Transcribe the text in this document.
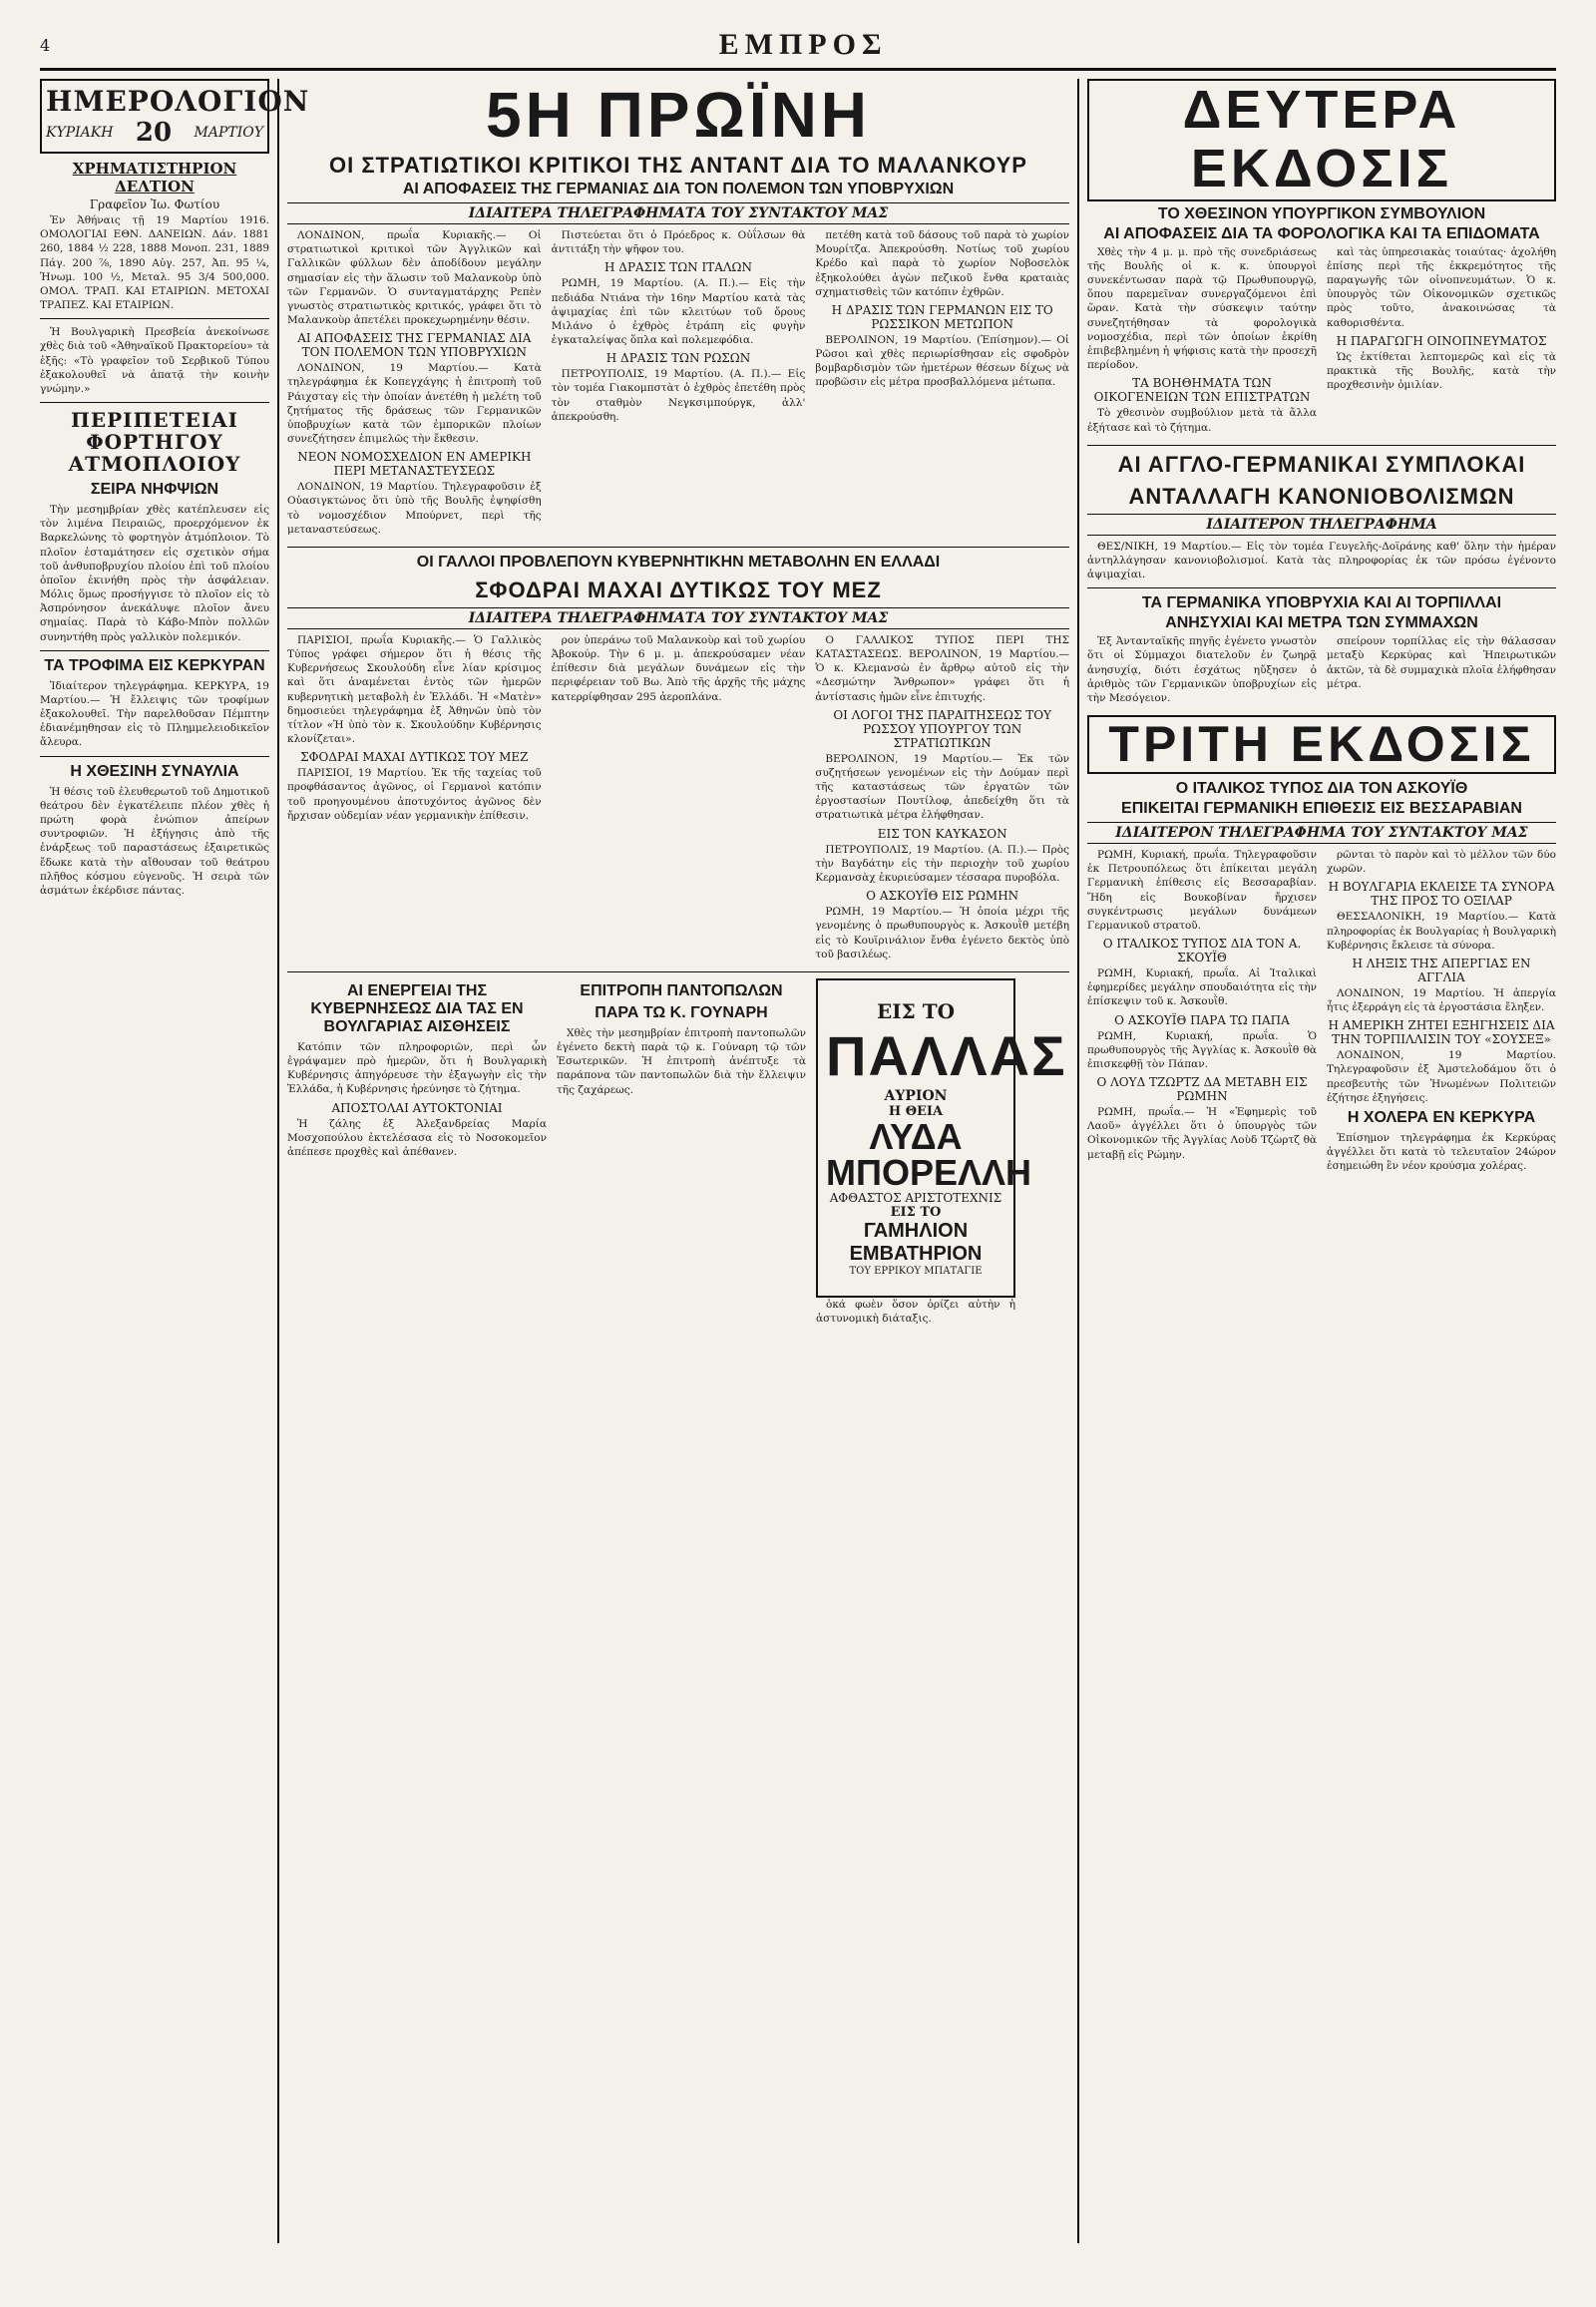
4	ΕΜΠΡΟΣ
ΗΜΕΡΟΛΟΓΙΟΝ
ΚΥΡΙΑΚΗ 20 ΜΑΡΤΙΟΥ
ΧΡΗΜΑΤΙΣΤΗΡΙΟΝ ΔΕΛΤΙΟΝ
Γραφεῖον Ἰω. Φωτίου

Ἐν Ἀθήναις τῇ 19 Μαρτίου 1916. ΟΜΟΛΟΓΙΑΙ ΕΘΝ. ΔΑΝΕΙΩΝ. Δάν. 1881 260, 1884 ½ 228, 1888 Μονοπ. 231, 1889 Πάγ. 200 ⅞, 1890 Αὐγ. 257, Ἀπ. 95 ¼, Ἠνωμ. 100 ½, Μεταλ. 95 3/4 500,000. ΟΜΟΛ. ΤΡΑΠ. ΚΑΙ ΕΤΑΙΡΙΩΝ. ΜΕΤΟΧΑΙ ΤΡΑΠΕΖ. ΚΑΙ ΕΤΑΙΡΙΩΝ.

Ἡ Βουλγαρικὴ Πρεσβεία ἀνεκοίνωσε χθὲς διὰ τοῦ «Ἀθηναϊκοῦ Πρακτορείου» τὰ ἑξῆς: «Τὸ γραφεῖον τοῦ Σερβικοῦ Τύπου ἐξακολουθεῖ νὰ ἀπατᾷ τὴν κοινὴν γνώμην.»

ΠΕΡΙΠΕΤΕΙΑΙ ΦΟΡΤΗΓΟΥ ΑΤΜΟΠΛΟΙΟΥ
ΣΕΙΡΑ ΝΗΦΨΙΩΝ

Τὴν μεσημβρίαν χθὲς κατέπλευσεν εἰς τὸν λιμένα Πειραιῶς, προερχόμενον ἐκ Βαρκελώνης τὸ φορτηγὸν ἀτμόπλοιον. Τὸ πλοῖον ἐσταμάτησεν εἰς σχετικὸν σήμα τοῦ ἀνθυποβρυχίου πλοίου ἐπὶ τοῦ πλοίου ὁποῖον ἐκινήθη πρὸς τὴν ἀσφάλειαν. Μόλις ὅμως προσήγγισε τὸ πλοῖον εἰς τὸ Ἀσπρόνησον ἀνεκάλυψε πλοῖον ἄνευ σημαίας. Παρὰ τὸ Κάβο-Μπὸν πολλῶν συνηντήθη πρὸς γαλλικὸν πολεμικόν.

ΤΑ ΤΡΟΦΙΜΑ ΕΙΣ ΚΕΡΚΥΡΑΝ

Ἰδιαίτερον τηλεγράφημα. ΚΕΡΚΥΡΑ, 19 Μαρτίου.— Ἡ ἔλλειψις τῶν τροφίμων ἐξακολουθεῖ. Τὴν παρελθοῦσαν Πέμπτην ἐδιανέμηθησαν εἰς τὸ Πλημμελειοδικεῖον ἄλευρα.

Η ΧΘΕΣΙΝΗ ΣΥΝΑΥΛΙΑ

Ἡ θέσις τοῦ ἐλευθερωτοῦ τοῦ Δημοτικοῦ θεάτρου δὲν ἐγκατέλειπε πλέον χθὲς ἡ πρώτη φορὰ ἐνώπιον ἀπείρων συντροφιῶν. Ἡ ἐξήγησις ἀπὸ τῆς ἐνάρξεως τοῦ παραστάσεως ἐξαιρετικῶς ἔδωκε κατὰ τὴν αἴθουσαν τοῦ θεάτρου πλῆθος κόσμου εὐγενοῦς. Ἡ σειρὰ τῶν ἀσμάτων ἐκέρδισε πάντας.

5Η ΠΡΩΪΝΗ
ΟΙ ΣΤΡΑΤΙΩΤΙΚΟΙ ΚΡΙΤΙΚΟΙ ΤΗΣ ΑΝΤΑΝΤ ΔΙΑ ΤΟ ΜΑΛΑΝΚΟΥΡ
ΑΙ ΑΠΟΦΑΣΕΙΣ ΤΗΣ ΓΕΡΜΑΝΙΑΣ ΔΙΑ ΤΟΝ ΠΟΛΕΜΟΝ ΤΩΝ ΥΠΟΒΡΥΧΙΩΝ
ΙΔΙΑΙΤΕΡΑ ΤΗΛΕΓΡΑΦΗΜΑΤΑ ΤΟΥ ΣΥΝΤΑΚΤΟΥ ΜΑΣ

ΛΟΝΔΙΝΟΝ, πρωΐα Κυριακῆς.— Οἱ στρατιωτικοὶ κριτικοὶ τῶν Ἀγγλικῶν καὶ Γαλλικῶν φύλλων δὲν ἀποδίδουν μεγάλην σημασίαν εἰς τὴν ἅλωσιν τοῦ Μαλανκοὺρ ὑπὸ τῶν Γερμανῶν. Ὁ συνταγματάρχης Ρεπὲν γνωστὸς στρατιωτικὸς κριτικός, γράφει ὅτι τὸ Μαλανκοὺρ ἀπετέλει προκεχωρημένην θέσιν.

ΑΙ ΑΠΟΦΑΣΕΙΣ ΤΗΣ ΓΕΡΜΑΝΙΑΣ ΔΙΑ ΤΟΝ ΠΟΛΕΜΟΝ ΤΩΝ ΥΠΟΒΡΥΧΙΩΝ

ΛΟΝΔΙΝΟΝ, 19 Μαρτίου.— Κατὰ τηλεγράφημα ἐκ Κοπεγχάγης ἡ ἐπιτροπὴ τοῦ Ράιχσταγ εἰς τὴν ὁποίαν ἀνετέθη ἡ μελέτη τοῦ ζητήματος τῆς δράσεως τῶν Γερμανικῶν ὑποβρυχίων κατὰ τῶν ἐμπορικῶν πλοίων συνεζήτησεν ἐπιμελῶς τὴν ἔκθεσιν.

ΝΕΟΝ ΝΟΜΟΣΧΕΔΙΟΝ ΕΝ ΑΜΕΡΙΚΗ ΠΕΡΙ ΜΕΤΑΝΑΣΤΕΥΣΕΩΣ

ΛΟΝΔΙΝΟΝ, 19 Μαρτίου. Τηλεγραφοῦσιν ἐξ Οὐασιγκτώνος ὅτι ὑπὸ τῆς Βουλῆς ἐψηφίσθη τὸ νομοσχέδιον Μπούρνετ, περὶ τῆς μεταναστεύσεως.

Πιστεύεται ὅτι ὁ Πρόεδρος κ. Οὐΐλσων θὰ ἀντιτάξη τὴν ψῆφον του.

Η ΔΡΑΣΙΣ ΤΩΝ ΙΤΑΛΩΝ

ΡΩΜΗ, 19 Μαρτίου. (Α. Π.).— Εἰς τὴν πεδιάδα Ντιάνα τὴν 16ην Μαρτίου κατὰ τὰς ἀψιμαχίας ἐπὶ τῶν κλειτύων τοῦ ὄρους Μιλάνο ὁ ἐχθρὸς ἐτράπη εἰς φυγὴν ἐγκαταλείψας ὅπλα καὶ πολεμεφόδια.

Η ΔΡΑΣΙΣ ΤΩΝ ΡΩΣΩΝ

ΠΕΤΡΟΥΠΟΛΙΣ, 19 Μαρτίου. (Α. Π.).— Εἰς τὸν τομέα Γιακομπστὰτ ὁ ἐχθρὸς ἐπετέθη πρὸς τὸν σταθμὸν Νεγκσιμπούργκ, ἀλλ' ἀπεκρούσθη.

πετέθη κατὰ τοῦ δάσους τοῦ παρὰ τὸ χωρίον Μουρίτζα. Ἀπεκρούσθη. Νοτίως τοῦ χωρίου Κρέδο καὶ παρὰ τὸ χωρίον Νοβοσελὸκ ἐξηκολούθει ἀγὼν πεζικοῦ ἔνθα κραταιὰς σχηματισθεὶς τῶν κατόπιν ἐχθρῶν.

Η ΔΡΑΣΙΣ ΤΩΝ ΓΕΡΜΑΝΩΝ ΕΙΣ ΤΟ ΡΩΣΣΙΚΟΝ ΜΕΤΩΠΟΝ

ΒΕΡΟΛΙΝΟΝ, 19 Μαρτίου. (Ἐπίσημον).— Οἱ Ρῶσοι καὶ χθὲς περιωρίσθησαν εἰς σφοδρὸν βομβαρδισμὸν τῶν ἡμετέρων θέσεων δίχως νὰ προβῶσιν εἰς μέτρα προσβαλλόμενα μέτωπα.

ΟΙ ΓΑΛΛΟΙ ΠΡΟΒΛΕΠΟΥΝ ΚΥΒΕΡΝΗΤΙΚΗΝ ΜΕΤΑΒΟΛΗΝ ΕΝ ΕΛΛΑΔΙ
ΣΦΟΔΡΑΙ ΜΑΧΑΙ ΔΥΤΙΚΩΣ ΤΟΥ ΜΕΖ
ΙΔΙΑΙΤΕΡΑ ΤΗΛΕΓΡΑΦΗΜΑΤΑ ΤΟΥ ΣΥΝΤΑΚΤΟΥ ΜΑΣ

ΠΑΡΙΣΙΟΙ, πρωΐα Κυριακῆς.— Ὁ Γαλλικὸς Τύπος γράφει σήμερον ὅτι ἡ θέσις τῆς Κυβερνήσεως Σκουλούδη εἶνε λίαν κρίσιμος καὶ ὅτι ἀναμένεται ἐντὸς τῶν ἡμερῶν κυβερνητικὴ μεταβολὴ ἐν Ἑλλάδι. Ἡ «Ματὲν» δημοσιεύει τηλεγράφημα ἐξ Ἀθηνῶν ὑπὸ τὸν τίτλον «Ἡ ὑπὸ τὸν κ. Σκουλούδην Κυβέρνησις κλονίζεται».

ΣΦΟΔΡΑΙ ΜΑΧΑΙ ΔΥΤΙΚΩΣ ΤΟΥ ΜΕΖ

ΠΑΡΙΣΙΟΙ, 19 Μαρτίου. Ἐκ τῆς ταχείας τοῦ προφθάσαντος ἀγῶνος, οἱ Γερμανοὶ κατόπιν τοῦ προηγουμένου ἀποτυχόντος ἀγῶνος δὲν ἤρχισαν οὐδεμίαν νέαν γερμανικὴν ἐπίθεσιν.

ρον ὑπεράνω τοῦ Μαλανκοὺρ καὶ τοῦ χωρίου Ἀβοκούρ. Τὴν 6 μ. μ. ἀπεκρούσαμεν νέαν ἐπίθεσιν διὰ μεγάλων δυνάμεων εἰς τὴν περιφέρειαν τοῦ Βω. Ἀπὸ τῆς ἀρχῆς τῆς μάχης κατερρίφθησαν 295 ἀεροπλάνα.

Ο ΓΑΛΛΙΚΟΣ ΤΥΠΟΣ ΠΕΡΙ ΤΗΣ ΚΑΤΑΣΤΑΣΕΩΣ. ΒΕΡΟΛΙΝΟΝ, 19 Μαρτίου.— Ὁ κ. Κλεμανσὼ ἐν ἄρθρῳ αὐτοῦ εἰς τὴν «Δεσμώτην Ἄνθρωπον» γράφει ὅτι ἡ ἀντίστασις ἡμῶν εἶνε ἐπιτυχής.

ΟΙ ΛΟΓΟΙ ΤΗΣ ΠΑΡΑΙΤΗΣΕΩΣ ΤΟΥ ΡΩΣΣΟΥ ΥΠΟΥΡΓΟΥ ΤΩΝ ΣΤΡΑΤΙΩΤΙΚΩΝ

ΒΕΡΟΛΙΝΟΝ, 19 Μαρτίου.— Ἐκ τῶν συζητήσεων γενομένων εἰς τὴν Δούμαν περὶ τῆς καταστάσεως τῶν ἐργατῶν τῶν ἐργοστασίων Πουτίλοφ, ἀπεδείχθη ὅτι τὰ στρατιωτικὰ μέτρα ἐλήφθησαν.

ΕΙΣ ΤΟΝ ΚΑΥΚΑΣΟΝ

ΠΕΤΡΟΥΠΟΛΙΣ, 19 Μαρτίου. (Α. Π.).— Πρὸς τὴν Βαγδάτην εἰς τὴν περιοχὴν τοῦ χωρίου Κερμανσὰχ ἐκυριεύσαμεν τέσσαρα πυροβόλα.

Ο ΑΣΚΟΥΪΘ ΕΙΣ ΡΩΜΗΝ

ΡΩΜΗ, 19 Μαρτίου.— Ἡ ὁποία μέχρι τῆς γενομένης ὁ πρωθυπουργὸς κ. Ἀσκουῒθ μετέβη εἰς τὸ Κουϊρινάλιον ἔνθα ἐγένετο δεκτὸς ὑπὸ τοῦ βασιλέως.

ΑΙ ΕΝΕΡΓΕΙΑΙ ΤΗΣ ΚΥΒΕΡΝΗΣΕΩΣ ΔΙΑ ΤΑΣ ΕΝ ΒΟΥΛΓΑΡΙΑΣ ΑΙΣΘΗΣΕΙΣ

Κατόπιν τῶν πληροφοριῶν, περὶ ὧν ἐγράψαμεν πρὸ ἡμερῶν, ὅτι ἡ Βουλγαρικὴ Κυβέρνησις ἀπηγόρευσε τὴν ἐξαγωγὴν εἰς τὴν Ἑλλάδα, ἡ Κυβέρνησις ἠρεύνησε τὸ ζήτημα.

ΑΠΟΣΤΟΛΑΙ ΑΥΤΟΚΤΟΝΙΑΙ

Ἡ ζάλης ἐξ Ἀλεξανδρείας Μαρία Μοσχοπούλου ἐκτελέσασα εἰς τὸ Νοσοκομεῖον ἀπέπεσε προχθὲς καὶ ἀπέθανεν.

ΕΠΙΤΡΟΠΗ ΠΑΝΤΟΠΩΛΩΝ
ΠΑΡΑ ΤΩ Κ. ΓΟΥΝΑΡΗ

Χθὲς τὴν μεσημβρίαν ἐπιτροπὴ παντοπωλῶν ἐγένετο δεκτὴ παρὰ τῷ κ. Γούναρη τῷ τῶν Ἐσωτερικῶν. Ἡ ἐπιτροπὴ ἀνέπτυξε τὰ παράπονα τῶν παντοπωλῶν διὰ τὴν ἔλλειψιν τῆς ζαχάρεως.

ΕΙΣ ΤΟ
ΠΑΛΛΑΣ
ΑΥΡΙΟΝ
Η ΘΕΙΑ
ΛΥΔΑ ΜΠΟΡΕΛΛΗ
ΑΦΘΑΣΤΟΣ ΑΡΙΣΤΟΤΕΧΝΙΣ
ΕΙΣ ΤΟ
ΓΑΜΗΛΙΟΝ ΕΜΒΑΤΗΡΙΟΝ
ΤΟΥ ΕΡΡΙΚΟΥ ΜΠΑΤΑΓΙΕ

ὁκά φωὲν ὅσον ὁρίζει αὐτὴν ἡ ἀστυνομικὴ διάταξις.

ΔΕΥΤΕΡΑ ΕΚΔΟΣΙΣ
ΤΟ ΧΘΕΣΙΝΟΝ ΥΠΟΥΡΓΙΚΟΝ ΣΥΜΒΟΥΛΙΟΝ
ΑΙ ΑΠΟΦΑΣΕΙΣ ΔΙΑ ΤΑ ΦΟΡΟΛΟΓΙΚΑ ΚΑΙ ΤΑ ΕΠΙΔΟΜΑΤΑ

Χθὲς τὴν 4 μ. μ. πρὸ τῆς συνεδριάσεως τῆς Βουλῆς οἱ κ. κ. ὑπουργοὶ συνεκέντωσαν παρὰ τῷ Πρωθυπουργῷ, ὅπου παρεμεῖναν συνεργαζόμενοι ἐπὶ ὥραν. Κατὰ τὴν σύσκεψιν ταύτην συνεζητήθησαν τὰ φορολογικὰ νομοσχέδια, περὶ τῶν ὁποίων ἐκρίθη ἐπιβεβλημένη ἡ ψήφισις κατὰ τὴν προσεχῆ περίοδον.

ΤΑ ΒΟΗΘΗΜΑΤΑ ΤΩΝ ΟΙΚΟΓΕΝΕΙΩΝ ΤΩΝ ΕΠΙΣΤΡΑΤΩΝ

Τὸ χθεσινὸν συμβούλιον μετὰ τὰ ἄλλα ἐξήτασε καὶ τὸ ζήτημα.

καὶ τὰς ὑπηρεσιακὰς τοιαύτας· ἀχολήθη ἐπίσης περὶ τῆς ἐκκρεμότητος τῆς παραγωγῆς τῶν οἰνοπνευμάτων. Ὁ κ. ὑπουργὸς τῶν Οἰκονομικῶν σχετικῶς πρὸς τοῦτο, ἀνακοινώσας τὰ καθορισθέντα.

Η ΠΑΡΑΓΩΓΗ ΟΙΝΟΠΝΕΥΜΑΤΟΣ

Ὡς ἐκτίθεται λεπτομερῶς καὶ εἰς τὰ πρακτικὰ τῆς Βουλῆς, κατὰ τὴν προχθεσινὴν ὁμιλίαν.

ΑΙ ΑΓΓΛΟ-ΓΕΡΜΑΝΙΚΑΙ ΣΥΜΠΛΟΚΑΙ
ΑΝΤΑΛΛΑΓΗ ΚΑΝΟΝΙΟΒΟΛΙΣΜΩΝ
ΙΔΙΑΙΤΕΡΟΝ ΤΗΛΕΓΡΑΦΗΜΑ

ΘΕΣ/ΝΙΚΗ, 19 Μαρτίου.— Εἰς τὸν τομέα Γευγελῆς-Δοϊράνης καθ' ὅλην τὴν ἡμέραν ἀντηλλάγησαν κανονιοβολισμοί. Κατὰ τὰς πληροφορίας ἐκ τῶν πρόσω ἐγένοντο ἀψιμαχίαι.

ΤΑ ΓΕΡΜΑΝΙΚΑ ΥΠΟΒΡΥΧΙΑ ΚΑΙ ΑΙ ΤΟΡΠΙΛΛΑΙ
ΑΝΗΣΥΧΙΑΙ ΚΑΙ ΜΕΤΡΑ ΤΩΝ ΣΥΜΜΑΧΩΝ

Ἐξ Ἀντανταϊκῆς πηγῆς ἐγένετο γνωστὸν ὅτι οἱ Σύμμαχοι διατελοῦν ἐν ζωηρᾷ ἀνησυχίᾳ, διότι ἐσχάτως ηὔξησεν ὁ ἀριθμὸς τῶν Γερμανικῶν ὑποβρυχίων εἰς τὴν Μεσόγειον.

σπείρουν τορπίλλας εἰς τὴν θάλασσαν μεταξὺ Κερκύρας καὶ Ἠπειρωτικῶν ἀκτῶν, τὰ δὲ συμμαχικὰ πλοῖα ἐλήφθησαν μέτρα.

ΤΡΙΤΗ ΕΚΔΟΣΙΣ
Ο ΙΤΑΛΙΚΟΣ ΤΥΠΟΣ ΔΙΑ ΤΟΝ ΑΣΚΟΥΪΘ
ΕΠΙΚΕΙΤΑΙ ΓΕΡΜΑΝΙΚΗ ΕΠΙΘΕΣΙΣ ΕΙΣ ΒΕΣΣΑΡΑΒΙΑΝ
ΙΔΙΑΙΤΕΡΟΝ ΤΗΛΕΓΡΑΦΗΜΑ ΤΟΥ ΣΥΝΤΑΚΤΟΥ ΜΑΣ

ΡΩΜΗ, Κυριακή, πρωΐα. Τηλεγραφοῦσιν ἐκ Πετρουπόλεως ὅτι ἐπίκειται μεγάλη Γερμανικὴ ἐπίθεσις εἰς Βεσσαραβίαν. Ἤδη εἰς Βουκοβίναν ἤρχισεν συγκέντρωσις μεγάλων δυνάμεων Γερμανικοῦ στρατοῦ.

Ο ΙΤΑΛΙΚΟΣ ΤΥΠΟΣ ΔΙΑ ΤΟΝ Α. ΣΚΟΥΪΘ

ΡΩΜΗ, Κυριακή, πρωΐα. Αἱ Ἰταλικαὶ ἐφημερίδες μεγάλην σπουδαιότητα εἰς τὴν ἐπίσκεψιν τοῦ κ. Ἀσκουῒθ.

Ο ΑΣΚΟΥΪΘ ΠΑΡΑ ΤΩ ΠΑΠΑ

ΡΩΜΗ, Κυριακή, πρωΐα. Ὁ πρωθυπουργὸς τῆς Ἀγγλίας κ. Ἀσκουῒθ θὰ ἐπισκεφθῇ τὸν Πάπαν.

Ο ΛΟΥΔ ΤΖΩΡΤΖ ΔΑ ΜΕΤΑΒΗ ΕΙΣ ΡΩΜΗΝ

ΡΩΜΗ, πρωΐα.— Ἡ «Ἐφημερὶς τοῦ Λαοῦ» ἀγγέλλει ὅτι ὁ ὑπουργὸς τῶν Οἰκονομικῶν τῆς Ἀγγλίας Λοὺδ Τζὼρτζ θὰ μεταβῇ εἰς Ρώμην.

ρῶνται τὸ παρὸν καὶ τὸ μέλλον τῶν δύο χωρῶν.

Η ΒΟΥΛΓΑΡΙΑ ΕΚΛΕΙΣΕ ΤΑ ΣΥΝΟΡΑ ΤΗΣ ΠΡΟΣ ΤΟ ΟΞΙΛΑΡ

ΘΕΣΣΑΛΟΝΙΚΗ, 19 Μαρτίου.— Κατὰ πληροφορίας ἐκ Βουλγαρίας ἡ Βουλγαρικὴ Κυβέρνησις ἔκλεισε τὰ σύνορα.

Η ΛΗΞΙΣ ΤΗΣ ΑΠΕΡΓΙΑΣ ΕΝ ΑΓΓΛΙΑ

ΛΟΝΔΙΝΟΝ, 19 Μαρτίου. Ἡ ἀπεργία ἦτις ἐξερράγη εἰς τὰ ἐργοστάσια ἔληξεν.

Η ΑΜΕΡΙΚΗ ΖΗΤΕΙ ΕΞΗΓΗΣΕΙΣ ΔΙΑ ΤΗΝ ΤΟΡΠΙΛΛΙΣΙΝ ΤΟΥ «ΣΟΥΣΕΞ»

ΛΟΝΔΙΝΟΝ, 19 Μαρτίου. Τηλεγραφοῦσιν ἐξ Ἀμστελοδάμου ὅτι ὁ πρεσβευτὴς τῶν Ἡνωμένων Πολιτειῶν ἐζήτησε ἐξηγήσεις.

Η ΧΟΛΕΡΑ ΕΝ ΚΕΡΚΥΡΑ

Ἐπίσημον τηλεγράφημα ἐκ Κερκύρας ἀγγέλλει ὅτι κατὰ τὸ τελευταῖον 24ώρον ἐσημειώθη ἓν νέον κρούσμα χολέρας.
